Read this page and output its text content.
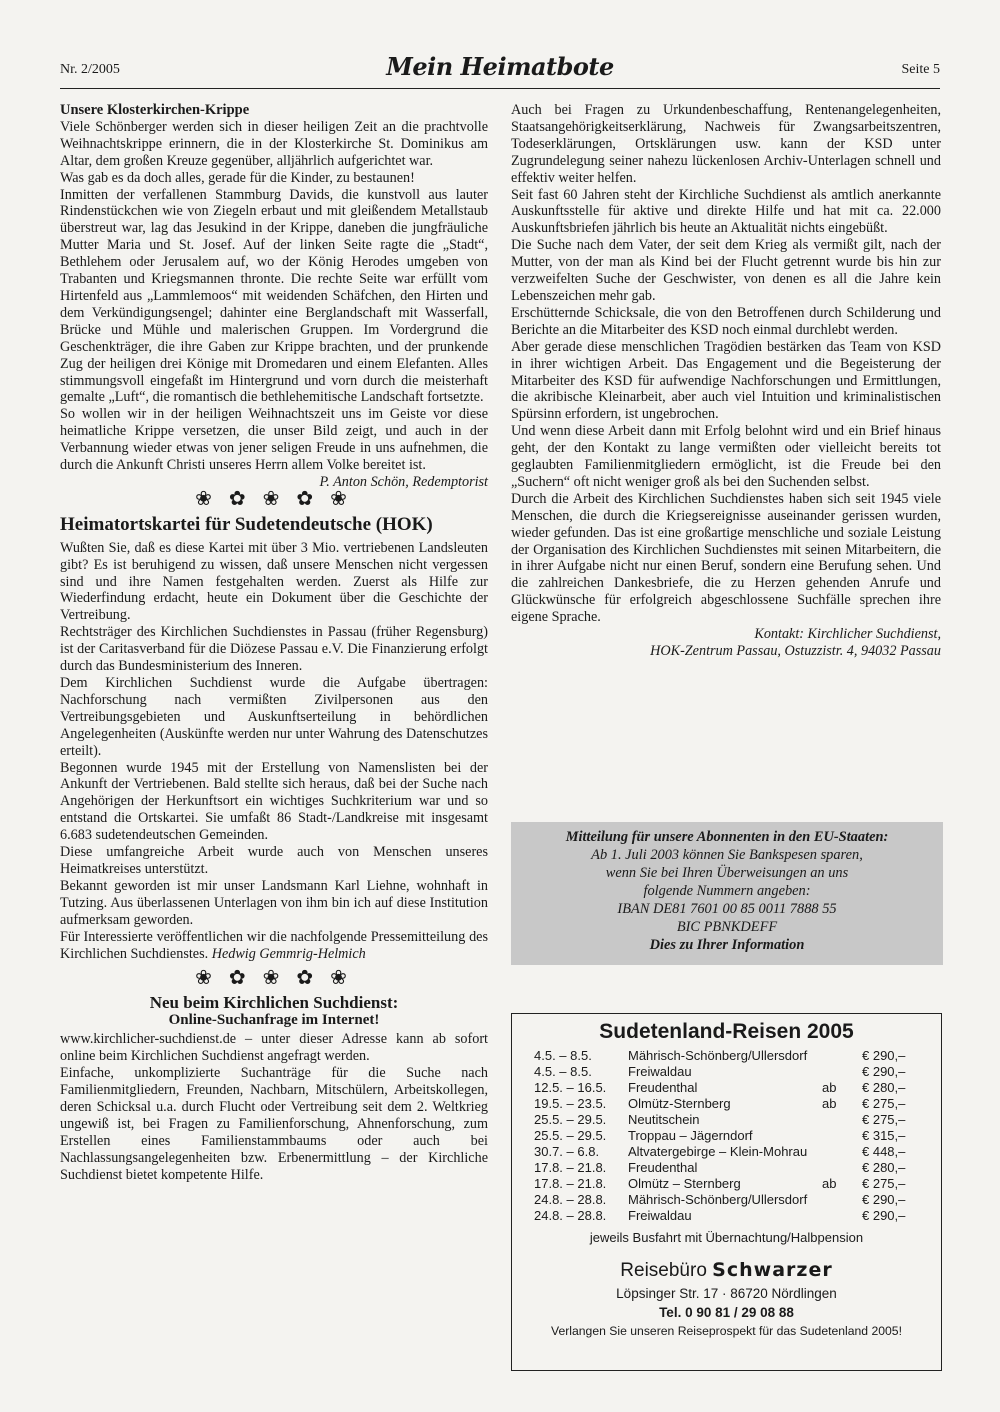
Nr. 2/2005	Mein Heimatbote	Seite 5

Unsere Klosterkirchen-Krippe

Viele Schönberger werden sich in dieser heiligen Zeit an die prachtvolle Weihnachtskrippe erinnern, die in der Klosterkirche St. Dominikus am Altar, dem großen Kreuze gegenüber, alljährlich aufgerichtet war.

Was gab es da doch alles, gerade für die Kinder, zu bestaunen!

Inmitten der verfallenen Stammburg Davids, die kunstvoll aus lauter Rindenstückchen wie von Ziegeln erbaut und mit gleißendem Metallstaub überstreut war, lag das Jesukind in der Krippe, daneben die jungfräuliche Mutter Maria und St. Josef. Auf der linken Seite ragte die „Stadt“, Bethlehem oder Jerusalem auf, wo der König Herodes umgeben von Trabanten und Kriegsmannen thronte. Die rechte Seite war erfüllt vom Hirtenfeld aus „Lammlemoos“ mit weidenden Schäfchen, den Hirten und dem Verkündigungsengel; dahinter eine Berglandschaft mit Wasserfall, Brücke und Mühle und malerischen Gruppen. Im Vordergrund die Geschenkträger, die ihre Gaben zur Krippe brachten, und der prunkende Zug der heiligen drei Könige mit Dromedaren und einem Elefanten. Alles stimmungsvoll eingefaßt im Hintergrund und vorn durch die meisterhaft gemalte „Luft“, die romantisch die bethlehemitische Landschaft fortsetzte.

So wollen wir in der heiligen Weihnachtszeit uns im Geiste vor diese heimatliche Krippe versetzen, die unser Bild zeigt, und auch in der Verbannung wieder etwas von jener seligen Freude in uns aufnehmen, die durch die Ankunft Christi unseres Herrn allem Volke bereitet ist.
P. Anton Schön, Redemptorist

❀ ✿ ❀ ✿ ❀
Heimatortskartei für Sudetendeutsche (HOK)

Wußten Sie, daß es diese Kartei mit über 3 Mio. vertriebenen Landsleuten gibt? Es ist beruhigend zu wissen, daß unsere Menschen nicht vergessen sind und ihre Namen festgehalten werden. Zuerst als Hilfe zur Wiederfindung erdacht, heute ein Dokument über die Geschichte der Vertreibung.

Rechtsträger des Kirchlichen Suchdienstes in Passau (früher Regensburg) ist der Caritasverband für die Diözese Passau e.V. Die Finanzierung erfolgt durch das Bundesministerium des Inneren.

Dem Kirchlichen Suchdienst wurde die Aufgabe übertragen: Nachforschung nach vermißten Zivilpersonen aus den Vertreibungsgebieten und Auskunftserteilung in behördlichen Angelegenheiten (Auskünfte werden nur unter Wahrung des Datenschutzes erteilt).

Begonnen wurde 1945 mit der Erstellung von Namenslisten bei der Ankunft der Vertriebenen. Bald stellte sich heraus, daß bei der Suche nach Angehörigen der Herkunftsort ein wichtiges Suchkriterium war und so entstand die Ortskartei. Sie umfaßt 86 Stadt-/Landkreise mit insgesamt 6.683 sudetendeutschen Gemeinden.

Diese umfangreiche Arbeit wurde auch von Menschen unseres Heimatkreises unterstützt.

Bekannt geworden ist mir unser Landsmann Karl Liehne, wohnhaft in Tutzing. Aus überlassenen Unterlagen von ihm bin ich auf diese Institution aufmerksam geworden.

Für Interessierte veröffentlichen wir die nachfolgende Pressemitteilung des Kirchlichen Suchdienstes. Hedwig Gemmrig-Helmich

❀ ✿ ❀ ✿ ❀
Neu beim Kirchlichen Suchdienst:
Online-Suchanfrage im Internet!

www.kirchlicher-suchdienst.de – unter dieser Adresse kann ab sofort online beim Kirchlichen Suchdienst angefragt werden.

Einfache, unkomplizierte Suchanträge für die Suche nach Familienmitgliedern, Freunden, Nachbarn, Mitschülern, Arbeitskollegen, deren Schicksal u.a. durch Flucht oder Vertreibung seit dem 2. Weltkrieg ungewiß ist, bei Fragen zu Familienforschung, Ahnenforschung, zum Erstellen eines Familienstammbaums oder auch bei Nachlassungsangelegenheiten bzw. Erbenermittlung – der Kirchliche Suchdienst bietet kompetente Hilfe.

Auch bei Fragen zu Urkundenbeschaffung, Rentenangelegenheiten, Staatsangehörigkeitserklärung, Nachweis für Zwangsarbeitszentren, Todeserklärungen, Ortsklärungen usw. kann der KSD unter Zugrundelegung seiner nahezu lückenlosen Archiv-Unterlagen schnell und effektiv weiter helfen.

Seit fast 60 Jahren steht der Kirchliche Suchdienst als amtlich anerkannte Auskunftsstelle für aktive und direkte Hilfe und hat mit ca. 22.000 Auskunftsbriefen jährlich bis heute an Aktualität nichts eingebüßt.

Die Suche nach dem Vater, der seit dem Krieg als vermißt gilt, nach der Mutter, von der man als Kind bei der Flucht getrennt wurde bis hin zur verzweifelten Suche der Geschwister, von denen es all die Jahre kein Lebenszeichen mehr gab.

Erschütternde Schicksale, die von den Betroffenen durch Schilderung und Berichte an die Mitarbeiter des KSD noch einmal durchlebt werden.

Aber gerade diese menschlichen Tragödien bestärken das Team von KSD in ihrer wichtigen Arbeit. Das Engagement und die Begeisterung der Mitarbeiter des KSD für aufwendige Nachforschungen und Ermittlungen, die akribische Kleinarbeit, aber auch viel Intuition und kriminalistischen Spürsinn erfordern, ist ungebrochen.

Und wenn diese Arbeit dann mit Erfolg belohnt wird und ein Brief hinaus geht, der den Kontakt zu lange vermißten oder vielleicht bereits tot geglaubten Familienmitgliedern ermöglicht, ist die Freude bei den „Suchern“ oft nicht weniger groß als bei den Suchenden selbst.

Durch die Arbeit des Kirchlichen Suchdienstes haben sich seit 1945 viele Menschen, die durch die Kriegsereignisse auseinander gerissen wurden, wieder gefunden. Das ist eine großartige menschliche und soziale Leistung der Organisation des Kirchlichen Suchdienstes mit seinen Mitarbeitern, die in ihrer Aufgabe nicht nur einen Beruf, sondern eine Berufung sehen. Und die zahlreichen Dankesbriefe, die zu Herzen gehenden Anrufe und Glückwünsche für erfolgreich abgeschlossene Suchfälle sprechen ihre eigene Sprache.

Kontakt: Kirchlicher Suchdienst,
HOK-Zentrum Passau, Ostuzzistr. 4, 94032 Passau
Mitteilung für unsere Abonnenten in den EU-Staaten:
Ab 1. Juli 2003 können Sie Bankspesen sparen,
wenn Sie bei Ihren Überweisungen an uns
folgende Nummern angeben:
IBAN DE81 7601 00 85 0011 7888 55
BIC PBNKDEFF
Dies zu Ihrer Information
Sudetenland-Reisen 2005
4.5. – 8.5.	Mährisch-Schönberg/Ullersdorf	€ 290,–
4.5. – 8.5.	Freiwaldau	€ 290,–
12.5. – 16.5.	Freudenthal	ab € 280,–
19.5. – 23.5.	Olmütz-Sternberg	ab € 275,–
25.5. – 29.5.	Neutitschein	€ 275,–
25.5. – 29.5.	Troppau – Jägerndorf	€ 315,–
30.7. – 6.8.	Altvatergebirge – Klein-Mohrau	€ 448,–
17.8. – 21.8.	Freudenthal	€ 280,–
17.8. – 21.8.	Olmütz – Sternberg	ab € 275,–
24.8. – 28.8.	Mährisch-Schönberg/Ullersdorf	€ 290,–
24.8. – 28.8.	Freiwaldau	€ 290,–
jeweils Busfahrt mit Übernachtung/Halbpension
Reisebüro Schwarzer
Löpsinger Str. 17 · 86720 Nördlingen
Tel. 0 90 81 / 29 08 88
Verlangen Sie unseren Reiseprospekt für das Sudetenland 2005!
